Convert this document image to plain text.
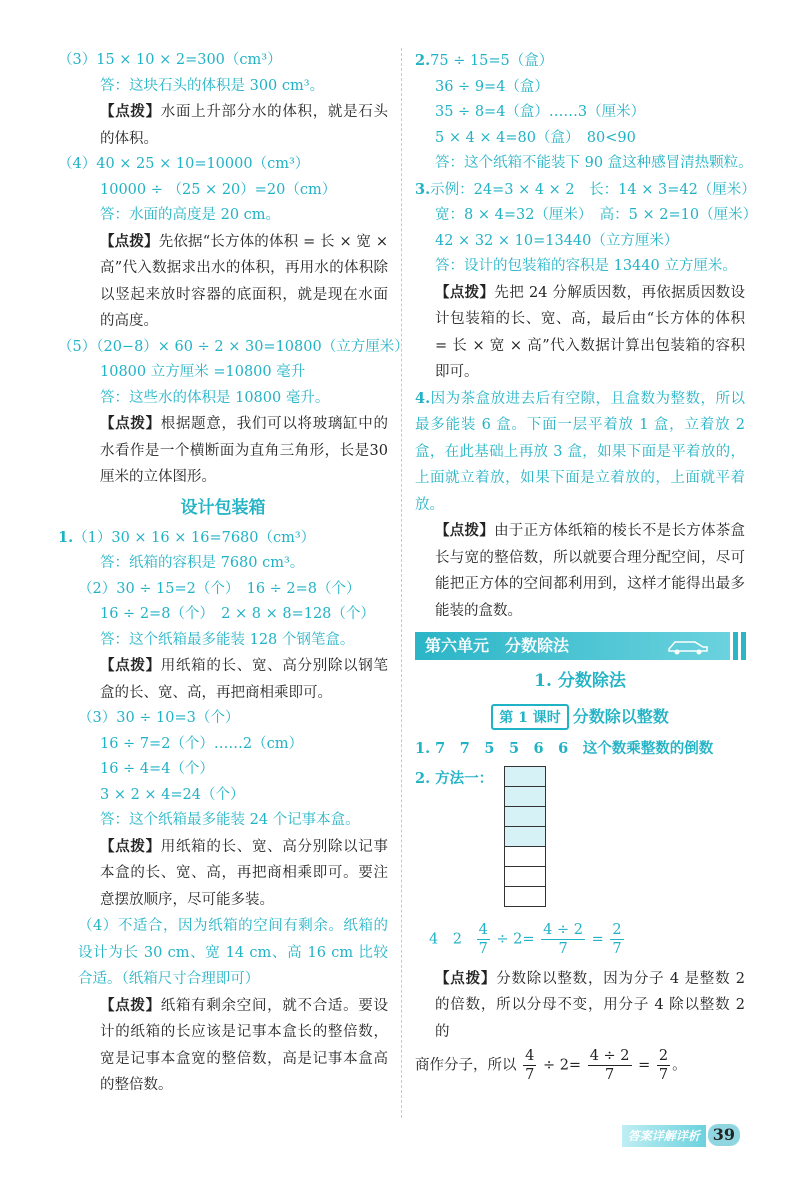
（3）15 × 10 × 2=300（cm³）
答：这块石头的体积是 300 cm³。
【点拨】水面上升部分水的体积，就是石头的体积。
（4）40 × 25 × 10=10000（cm³）
10000 ÷ （25 × 20）=20（cm）
答：水面的高度是 20 cm。
【点拨】先依据“长方体的体积 = 长 × 宽 × 高”代入数据求出水的体积，再用水的体积除以竖起来放时容器的底面积，就是现在水面的高度。
（5）（20−8）× 60 ÷ 2 × 30=10800（立方厘米）
10800 立方厘米 =10800 毫升
答：这些水的体积是 10800 毫升。
【点拨】根据题意，我们可以将玻璃缸中的水看作是一个横断面为直角三角形，长是30 厘米的立体图形。
设计包装箱
1.（1）30 × 16 × 16=7680（cm³）
答：纸箱的容积是 7680 cm³。
（2）30 ÷ 15=2（个）　16 ÷ 2=8（个）
16 ÷ 2=8（个）　2 × 8 × 8=128（个）
答：这个纸箱最多能装 128 个钢笔盒。
【点拨】用纸箱的长、宽、高分别除以钢笔盒的长、宽、高，再把商相乘即可。
（3）30 ÷ 10=3（个）
16 ÷ 7=2（个）……2（cm）
16 ÷ 4=4（个）
3 × 2 × 4=24（个）
答：这个纸箱最多能装 24 个记事本盒。
【点拨】用纸箱的长、宽、高分别除以记事本盒的长、宽、高，再把商相乘即可。要注意摆放顺序，尽可能多装。
（4）不适合，因为纸箱的空间有剩余。纸箱的设计为长 30 cm、宽 14 cm、高 16 cm 比较合适。（纸箱尺寸合理即可）
【点拨】纸箱有剩余空间，就不合适。要设计的纸箱的长应该是记事本盒长的整倍数，宽是记事本盒宽的整倍数，高是记事本盒高的整倍数。
2.75 ÷ 15=5（盒）
36 ÷ 9=4（盒）
35 ÷ 8=4（盒）……3（厘米）
5 × 4 × 4=80（盒）　80<90
答：这个纸箱不能装下 90 盒这种感冒清热颗粒。
3.示例：24=3 × 4 × 2　长：14 × 3=42（厘米）
宽：8 × 4=32（厘米）　高：5 × 2=10（厘米）
42 × 32 × 10=13440（立方厘米）
答：设计的包装箱的容积是 13440 立方厘米。
【点拨】先把 24 分解质因数，再依据质因数设计包装箱的长、宽、高，最后由“长方体的体积 = 长 × 宽 × 高”代入数据计算出包装箱的容积即可。
4.因为茶盒放进去后有空隙，且盒数为整数，所以最多能装 6 盒。下面一层平着放 1 盒，立着放 2 盒，在此基础上再放 3 盒，如果下面是平着放的，上面就立着放，如果下面是立着放的，上面就平着放。
【点拨】由于正方体纸箱的棱长不是长方体茶盒长与宽的整倍数，所以就要合理分配空间，尽可能把正方体的空间都利用到，这样才能得出最多能装的盒数。
第六单元　分数除法
1. 分数除法
第 1 课时 分数除以整数
1. 7　7　5　5　6　6　这个数乘整数的倒数
2. 方法一：
4　$2 \frac{4}{7} \div 2= \frac{4 \div 2}{7} = \frac{2}{7}$
【点拨】分数除以整数，因为分子 4 是整数 2 的倍数，所以分母不变，用分子 4 除以整数 2 的
商作分子，所以 $\frac{4}{7} \div 2= \frac{4 \div 2}{7} = \frac{2}{7}$ 。
答案详解详析 39
